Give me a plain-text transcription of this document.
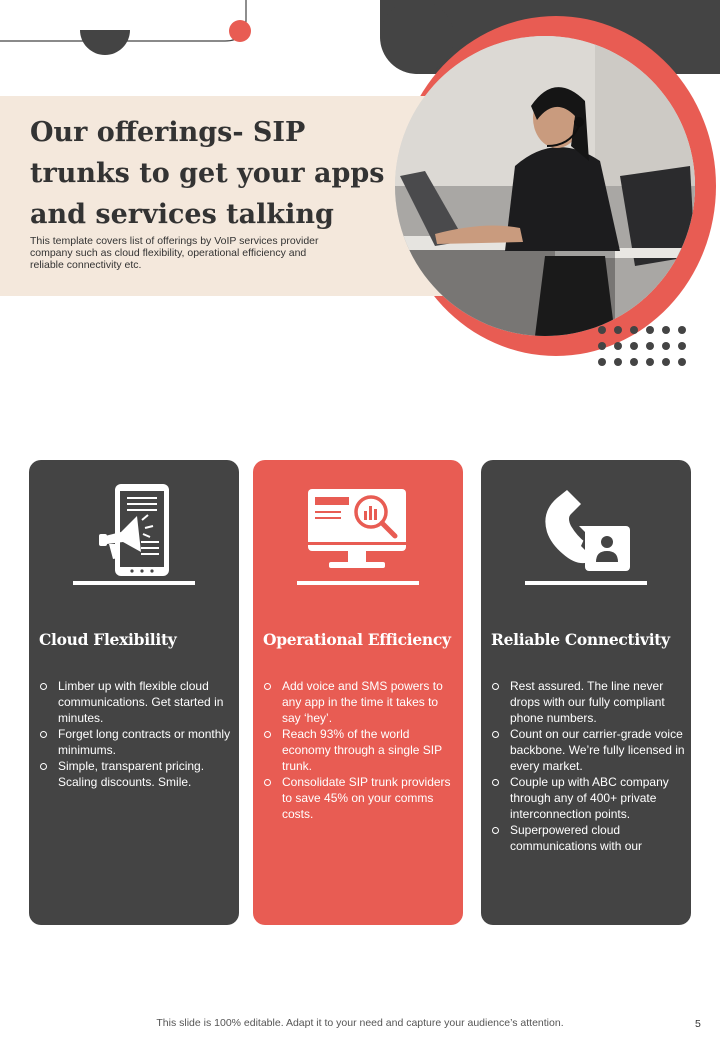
Our offerings- SIP trunks to get your apps and services talking

This template covers list of offerings by VoIP services provider company such as cloud flexibility, operational efficiency and reliable connectivity etc.

Cloud Flexibility
Limber up with flexible cloud communications. Get started in minutes.
Forget long contracts or monthly minimums.
Simple, transparent pricing. Scaling discounts. Smile.
Operational Efficiency
Add voice and SMS powers to any app in the time it takes to say ‘hey’.
Reach 93% of the world economy through a single SIP trunk.
Consolidate SIP trunk providers to save 45% on your comms costs.
Reliable Connectivity
Rest assured. The line never drops with our fully compliant phone numbers.
Count on our carrier-grade voice backbone. We’re fully licensed in every market.
Couple up with ABC company through any of 400+ private interconnection points.
Superpowered cloud communications with our
This slide is 100% editable. Adapt it to your need and capture your audience’s attention.	5
